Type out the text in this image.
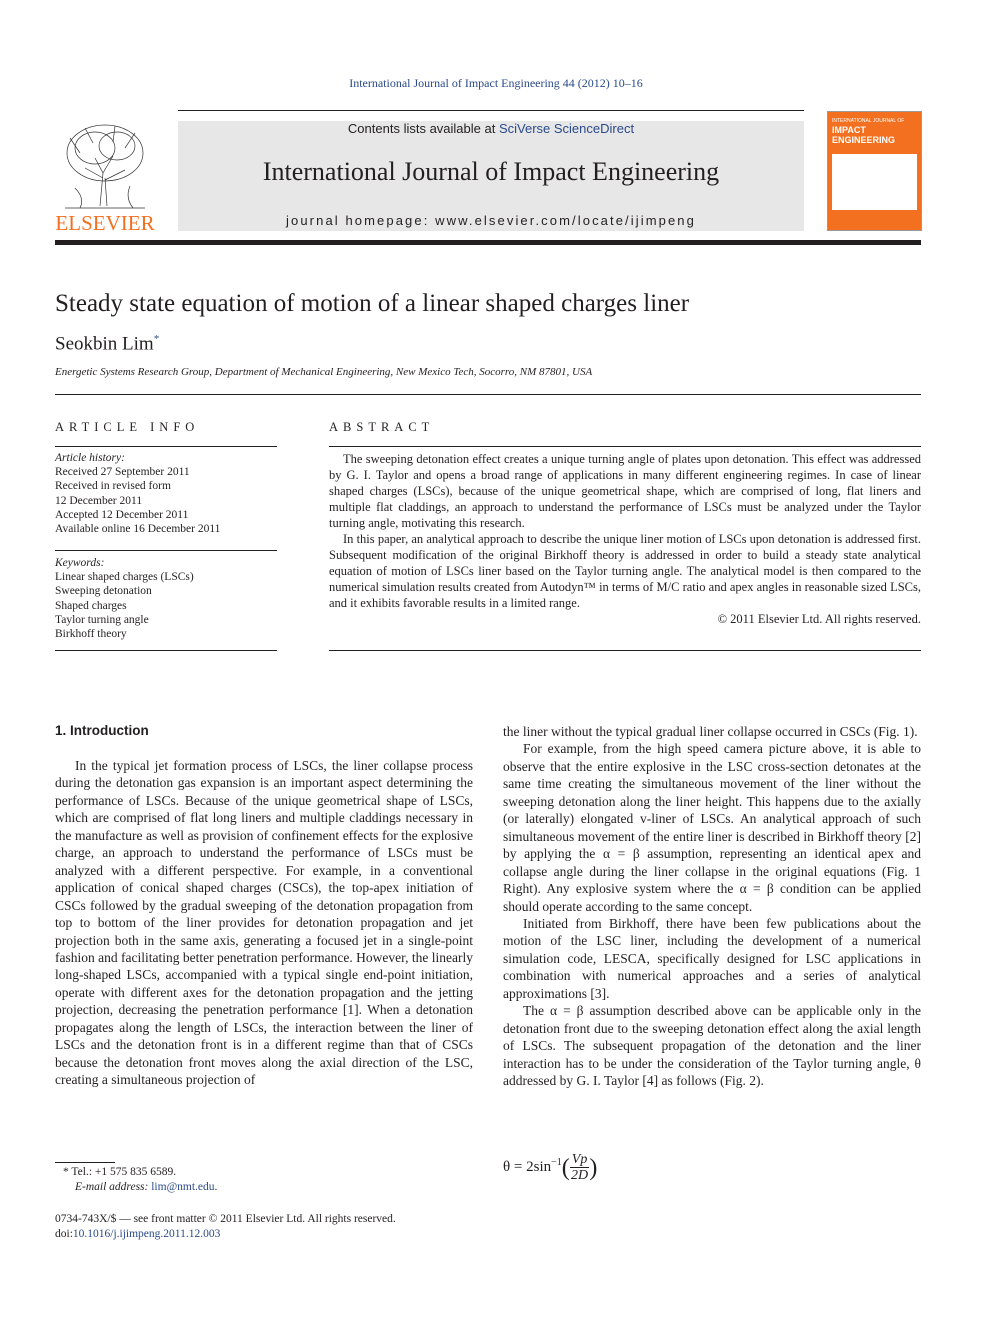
International Journal of Impact Engineering 44 (2012) 10–16
ELSEVIER
Contents lists available at SciVerse ScienceDirect
International Journal of Impact Engineering
journal homepage: www.elsevier.com/locate/ijimpeng
INTERNATIONAL JOURNAL OF
IMPACT
ENGINEERING
Steady state equation of motion of a linear shaped charges liner
Seokbin Lim*
Energetic Systems Research Group, Department of Mechanical Engineering, New Mexico Tech, Socorro, NM 87801, USA
ARTICLE INFO
Article history:
Received 27 September 2011
Received in revised form
12 December 2011
Accepted 12 December 2011
Available online 16 December 2011
Keywords:
Linear shaped charges (LSCs)
Sweeping detonation
Shaped charges
Taylor turning angle
Birkhoff theory
ABSTRACT

The sweeping detonation effect creates a unique turning angle of plates upon detonation. This effect was addressed by G. I. Taylor and opens a broad range of applications in many different engineering regimes. In case of linear shaped charges (LSCs), because of the unique geometrical shape, which are comprised of long, flat liners and multiple flat claddings, an approach to understand the performance of LSCs must be analyzed under the Taylor turning angle, motivating this research.

In this paper, an analytical approach to describe the unique liner motion of LSCs upon detonation is addressed first. Subsequent modification of the original Birkhoff theory is addressed in order to build a steady state analytical equation of motion of LSCs liner based on the Taylor turning angle. The analytical model is then compared to the numerical simulation results created from Autodyn™ in terms of M/C ratio and apex angles in reasonable sized LSCs, and it exhibits favorable results in a limited range.

© 2011 Elsevier Ltd. All rights reserved.
1. Introduction

In the typical jet formation process of LSCs, the liner collapse process during the detonation gas expansion is an important aspect determining the performance of LSCs. Because of the unique geometrical shape of LSCs, which are comprised of flat long liners and multiple claddings necessary in the manufacture as well as provision of confinement effects for the explosive charge, an approach to understand the performance of LSCs must be analyzed with a different perspective. For example, in a conventional application of conical shaped charges (CSCs), the top-apex initiation of CSCs followed by the gradual sweeping of the detonation propagation from top to bottom of the liner provides for detonation propagation and jet projection both in the same axis, generating a focused jet in a single-point fashion and facilitating better penetration performance. However, the linearly long-shaped LSCs, accompanied with a typical single end-point initiation, operate with different axes for the detonation propagation and the jetting projection, decreasing the penetration performance [1]. When a detonation propagates along the length of LSCs, the interaction between the liner of LSCs and the detonation front is in a different regime than that of CSCs because the detonation front moves along the axial direction of the LSC, creating a simultaneous projection of

the liner without the typical gradual liner collapse occurred in CSCs (Fig. 1).

For example, from the high speed camera picture above, it is able to observe that the entire explosive in the LSC cross-section detonates at the same time creating the simultaneous movement of the liner without the sweeping detonation along the liner height. This happens due to the axially (or laterally) elongated v-liner of LSCs. An analytical approach of such simultaneous movement of the entire liner is described in Birkhoff theory [2] by applying the α = β assumption, representing an identical apex and collapse angle during the liner collapse in the original equations (Fig. 1 Right). Any explosive system where the α = β condition can be applied should operate according to the same concept.

Initiated from Birkhoff, there have been few publications about the motion of the LSC liner, including the development of a numerical simulation code, LESCA, specifically designed for LSC applications in combination with numerical approaches and a series of analytical approximations [3].

The α = β assumption described above can be applicable only in the detonation front due to the sweeping detonation effect along the axial length of LSCs. The subsequent propagation of the detonation and the liner interaction has to be under the consideration of the Taylor turning angle, θ addressed by G. I. Taylor [4] as follows (Fig. 2).

$\theta = 2\sin^{-1}( \frac{Vp}{2D}$ )
* Tel.: +1 575 835 6589.
E-mail address: lim@nmt.edu.
0734-743X/$ — see front matter © 2011 Elsevier Ltd. All rights reserved.
doi:10.1016/j.ijimpeng.2011.12.003
